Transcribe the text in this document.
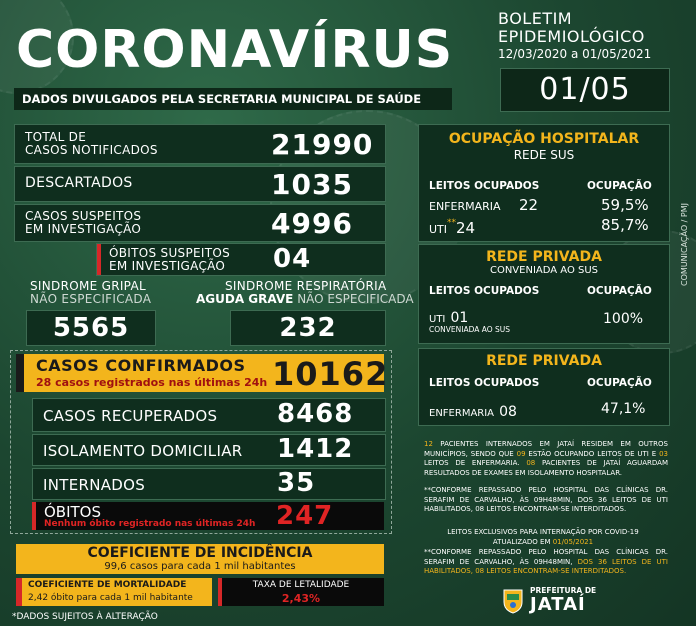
CORONAVÍRUS
DADOS DIVULGADOS PELA SECRETARIA MUNICIPAL DE SAÚDE
BOLETIM
EPIDEMIOLÓGICO
12/03/2020 a 01/05/2021
01/05
TOTAL DE
CASOS NOTIFICADOS	21990
DESCARTADOS	1035
CASOS SUSPEITOS
EM INVESTIGAÇÃO	4996
ÓBITOS SUSPEITOS
EM INVESTIGAÇÃO 04
SINDROME GRIPAL
NÃO ESPECIFICADA
5565
SINDROME RESPIRATÓRIA
AGUDA GRAVE NÃO ESPECIFICADA
232
CASOS CONFIRMADOS
28 casos registrados nas últimas 24h 10162
CASOS RECUPERADOS 8468
ISOLAMENTO DOMICILIAR 1412
INTERNADOS	35
ÓBITOS
Nenhum óbito registrado nas últimas 24h 247
COEFICIENTE DE INCIDÊNCIA
99,6 casos para cada 1 mil habitantes
COEFICIENTE DE MORTALIDADE
2,42 óbito para cada 1 mil habitante
TAXA DE LETALIDADE
2,43%
*DADOS SUJEITOS À ALTERAÇÃO
OCUPAÇÃO HOSPITALAR
REDE SUS
LEITOS OCUPADOS	OCUPAÇÃO
ENFERMARIA 22	59,5%
UTI**24	85,7%
REDE PRIVADA
CONVENIADA AO SUS
LEITOS OCUPADOS	OCUPAÇÃO
UTI 01
CONVENIADA AO SUS
100%
REDE PRIVADA
LEITOS OCUPADOS	OCUPAÇÃO
ENFERMARIA 08	47,1%
12 PACIENTES INTERNADOS EM JATAÍ RESIDEM EM OUTROS MUNICÍPIOS, SENDO QUE 09 ESTÃO OCUPANDO LEITOS DE UTI E 03 LEITOS DE ENFERMARIA. 08 PACIENTES DE JATAÍ AGUARDAM RESULTADOS DE EXAMES EM ISOLAMENTO HOSPITALAR.
**CONFORME REPASSADO PELO HOSPITAL DAS CLÍNICAS DR. SERAFIM DE CARVALHO, ÀS 09H48MIN, DOS 36 LEITOS DE UTI HABILITADOS, 08 LEITOS ENCONTRAM-SE INTERDITADOS.
LEITOS EXCLUSIVOS PARA INTERNAÇÃO POR COVID-19
ATUALIZADO EM 01/05/2021
**CONFORME REPASSADO PELO HOSPITAL DAS CLÍNICAS DR. SERAFIM DE CARVALHO, ÀS 09H48MIN, DOS 36 LEITOS DE UTI HABILITADOS, 08 LEITOS ENCONTRAM-SE INTERDITADOS.
PREFEITURA DE
JATAÍ
